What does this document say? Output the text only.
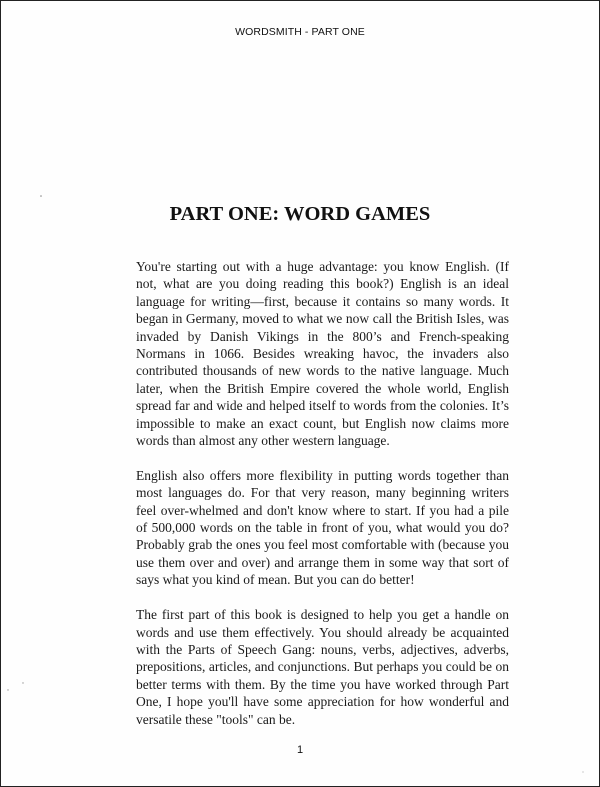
WORDSMITH - PART ONE
PART ONE: WORD GAMES

You're starting out with a huge advantage: you know English. (If not, what are you doing reading this book?) English is an ideal language for writing—first, because it contains so many words. It began in Germany, moved to what we now call the British Isles, was invaded by Danish Vikings in the 800’s and French-speaking Normans in 1066. Besides wreaking havoc, the invaders also contributed thousands of new words to the native language. Much later, when the British Empire covered the whole world, English spread far and wide and helped itself to words from the colonies. It’s impossible to make an exact count, but English now claims more words than almost any other western language.

English also offers more flexibility in putting words together than most languages do. For that very reason, many beginning writers feel over-whelmed and don't know where to start. If you had a pile of 500,000 words on the table in front of you, what would you do? Probably grab the ones you feel most comfortable with (because you use them over and over) and arrange them in some way that sort of says what you kind of mean. But you can do better!

The first part of this book is designed to help you get a handle on words and use them effectively. You should already be acquainted with the Parts of Speech Gang: nouns, verbs, adjectives, adverbs, prepositions, articles, and conjunctions. But perhaps you could be on better terms with them. By the time you have worked through Part One, I hope you'll have some appreciation for how wonderful and versatile these "tools" can be.

1
